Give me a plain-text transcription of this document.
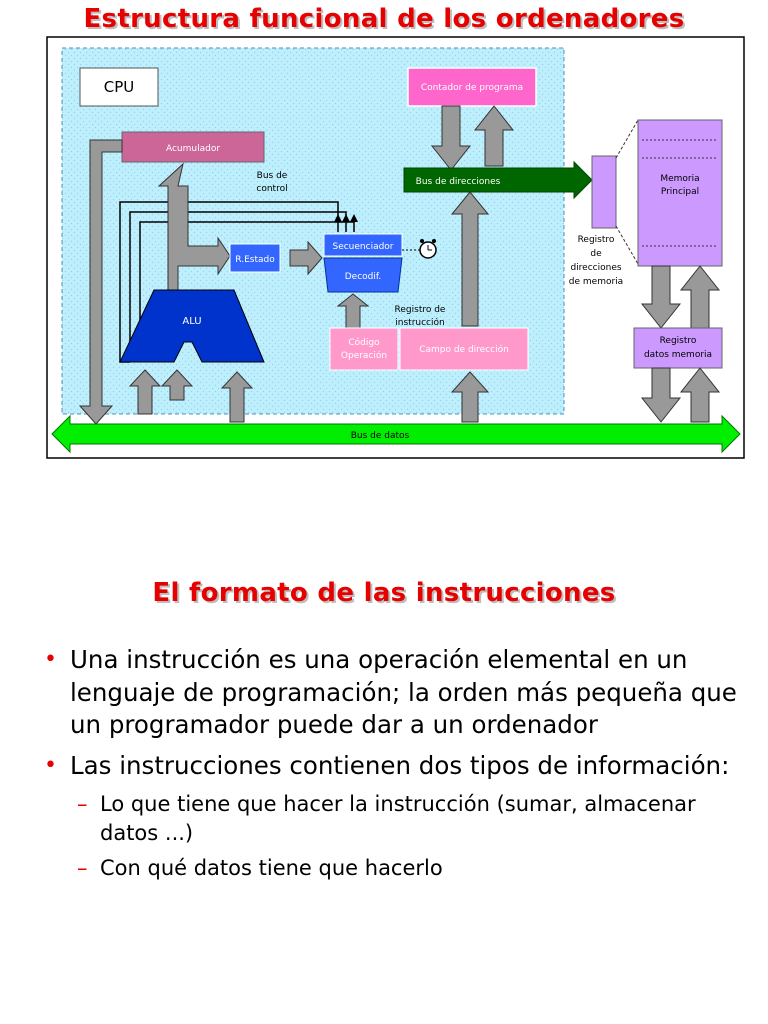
Estructura funcional de los ordenadores
CPU	Contador de programa
Acumulador
Bus de direcciones
Registro
de
direcciones
de memoria
Memoria
Principal
Registro
datos memoria
Bus de datos
Bus de
control
R.Estado
Secuenciador
Decodif.
ALU
Registro de
instrucción
Código
Operación
Campo de dirección
El formato de las instrucciones
• Una instrucción es una operación elemental en un lenguaje de programación; la orden más pequeña que un programador puede dar a un ordenador
• Las instrucciones contienen dos tipos de información:
– Lo que tiene que hacer la instrucción (sumar, almacenar datos ...)
– Con qué datos tiene que hacerlo
